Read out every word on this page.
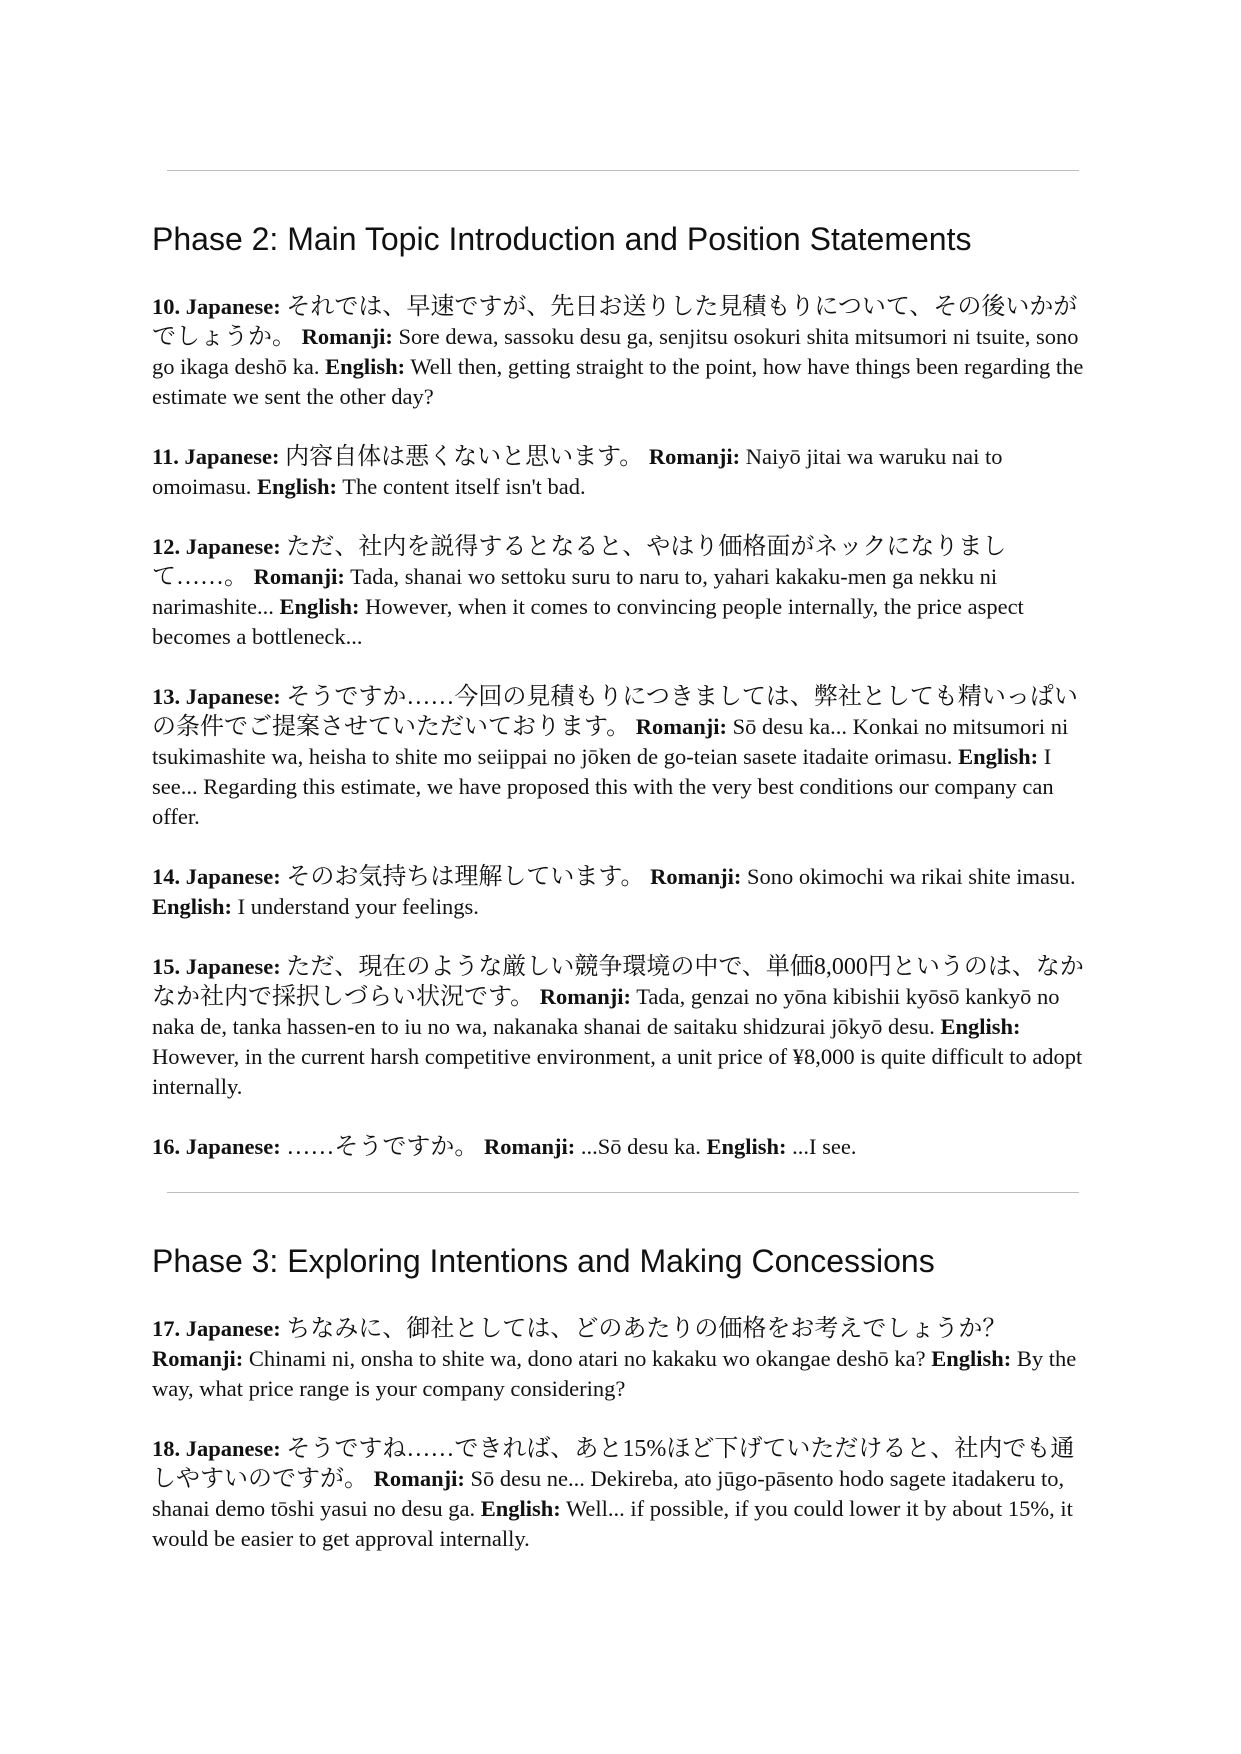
Phase 2: Main Topic Introduction and Position Statements

10. Japanese: それでは、早速ですが、先日お送りした見積もりについて、その後いかがでしょうか。 Romanji: Sore dewa, sassoku desu ga, senjitsu osokuri shita mitsumori ni tsuite, sono go ikaga deshō ka. English: Well then, getting straight to the point, how have things been regarding the estimate we sent the other day?

11. Japanese: 内容自体は悪くないと思います。 Romanji: Naiyō jitai wa waruku nai to omoimasu. English: The content itself isn't bad.

12. Japanese: ただ、社内を説得するとなると、やはり価格面がネックになりまして……。 Romanji: Tada, shanai wo settoku suru to naru to, yahari kakaku-men ga nekku ni narimashite... English: However, when it comes to convincing people internally, the price aspect becomes a bottleneck...

13. Japanese: そうですか……今回の見積もりにつきましては、弊社としても精いっぱいの条件でご提案させていただいております。 Romanji: Sō desu ka... Konkai no mitsumori ni tsukimashite wa, heisha to shite mo seiippai no jōken de go-teian sasete itadaite orimasu. English: I see... Regarding this estimate, we have proposed this with the very best conditions our company can offer.

14. Japanese: そのお気持ちは理解しています。 Romanji: Sono okimochi wa rikai shite imasu. English: I understand your feelings.

15. Japanese: ただ、現在のような厳しい競争環境の中で、単価8,000円というのは、なかなか社内で採択しづらい状況です。 Romanji: Tada, genzai no yōna kibishii kyōsō kankyō no naka de, tanka hassen-en to iu no wa, nakanaka shanai de saitaku shidzurai jōkyō desu. English: However, in the current harsh competitive environment, a unit price of ¥8,000 is quite difficult to adopt internally.

16. Japanese: ……そうですか。 Romanji: ...Sō desu ka. English: ...I see.

Phase 3: Exploring Intentions and Making Concessions

17. Japanese: ちなみに、御社としては、どのあたりの価格をお考えでしょうか？ Romanji: Chinami ni, onsha to shite wa, dono atari no kakaku wo okangae deshō ka? English: By the way, what price range is your company considering?

18. Japanese: そうですね……できれば、あと15%ほど下げていただけると、社内でも通しやすいのですが。 Romanji: Sō desu ne... Dekireba, ato jūgo-pāsento hodo sagete itadakeru to, shanai demo tōshi yasui no desu ga. English: Well... if possible, if you could lower it by about 15%, it would be easier to get approval internally.
